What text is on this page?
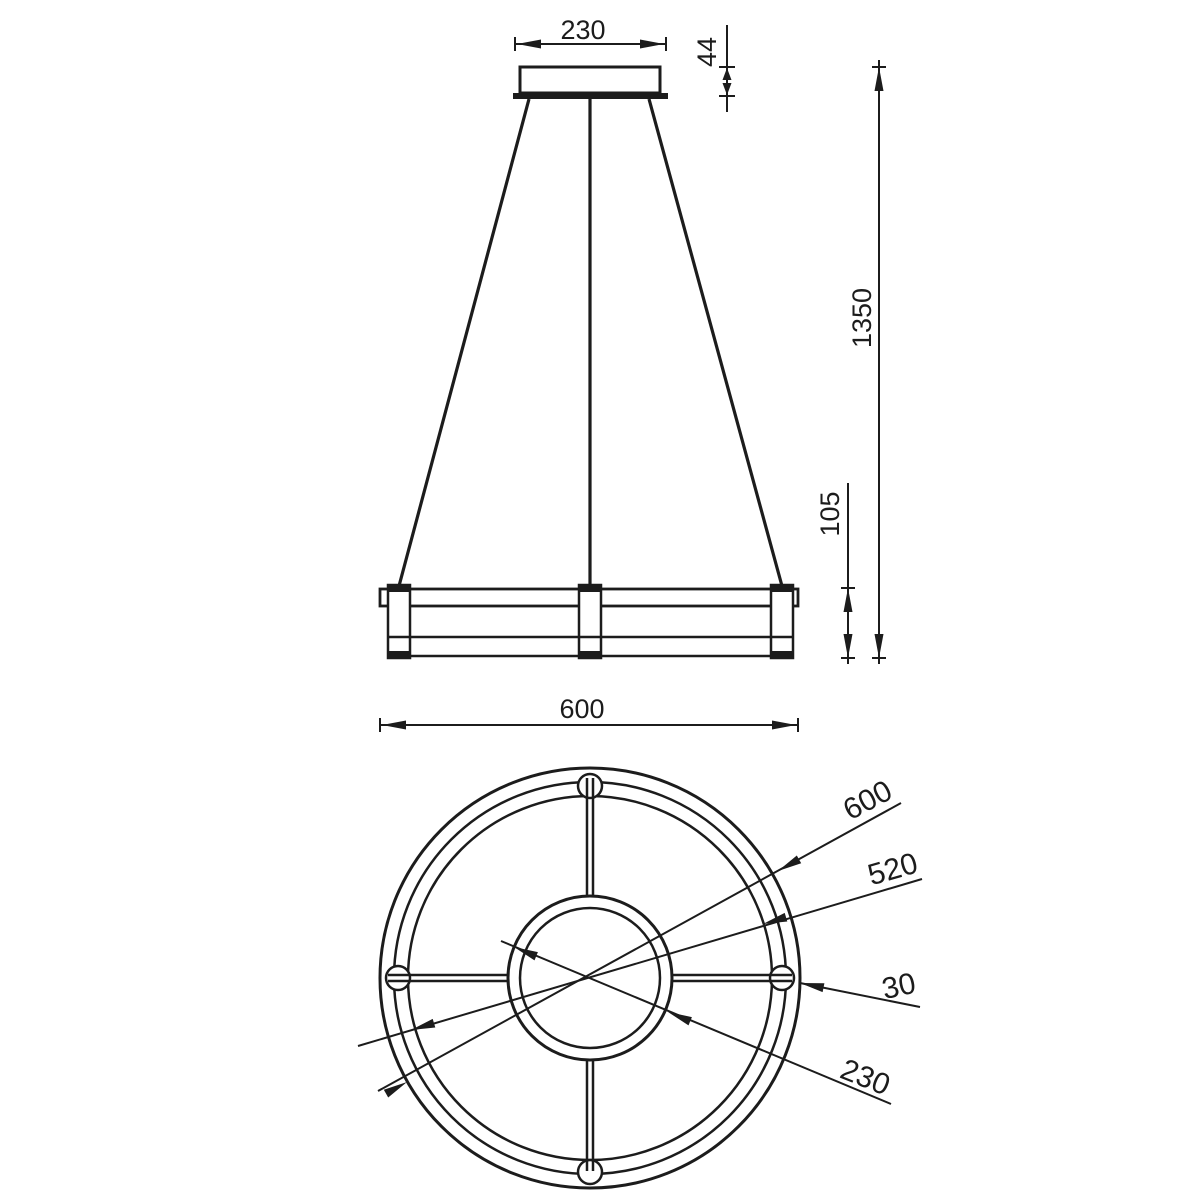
230
44
1350
105
600
600
520
30
230
